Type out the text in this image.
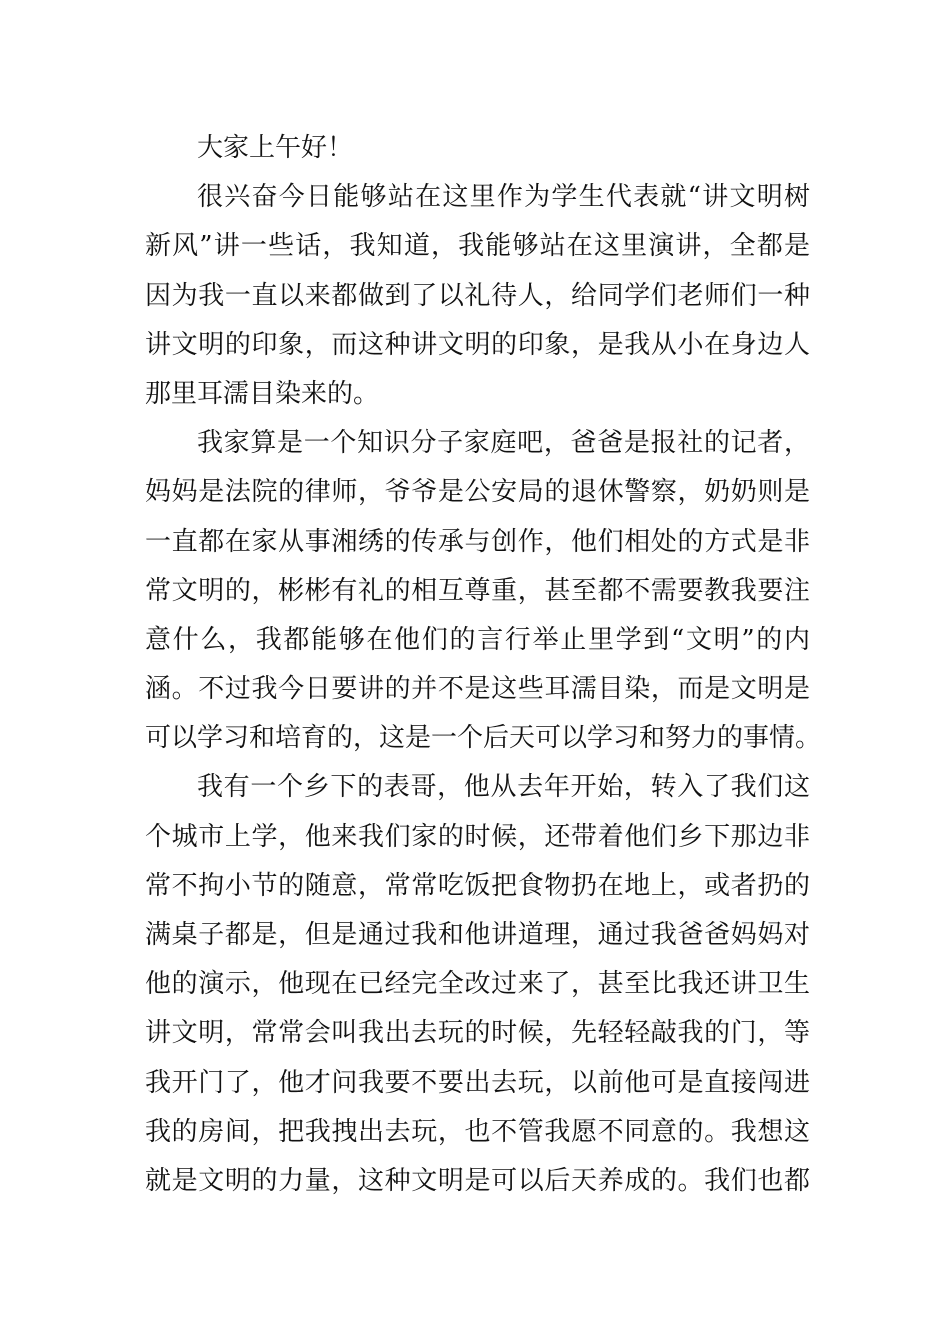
大家上午好！
很兴奋今日能够站在这里作为学生代表就“讲文明树
新风”讲一些话，我知道，我能够站在这里演讲，全都是
因为我一直以来都做到了以礼待人，给同学们老师们一种
讲文明的印象，而这种讲文明的印象，是我从小在身边人
那里耳濡目染来的。
我家算是一个知识分子家庭吧，爸爸是报社的记者，
妈妈是法院的律师，爷爷是公安局的退休警察，奶奶则是
一直都在家从事湘绣的传承与创作，他们相处的方式是非
常文明的，彬彬有礼的相互尊重，甚至都不需要教我要注
意什么，我都能够在他们的言行举止里学到“文明”的内
涵。不过我今日要讲的并不是这些耳濡目染，而是文明是
可以学习和培育的，这是一个后天可以学习和努力的事情。
我有一个乡下的表哥，他从去年开始，转入了我们这
个城市上学，他来我们家的时候，还带着他们乡下那边非
常不拘小节的随意，常常吃饭把食物扔在地上，或者扔的
满桌子都是，但是通过我和他讲道理，通过我爸爸妈妈对
他的演示，他现在已经完全改过来了，甚至比我还讲卫生
讲文明，常常会叫我出去玩的时候，先轻轻敲我的门，等
我开门了，他才问我要不要出去玩，以前他可是直接闯进
我的房间，把我拽出去玩，也不管我愿不同意的。我想这
就是文明的力量，这种文明是可以后天养成的。我们也都
